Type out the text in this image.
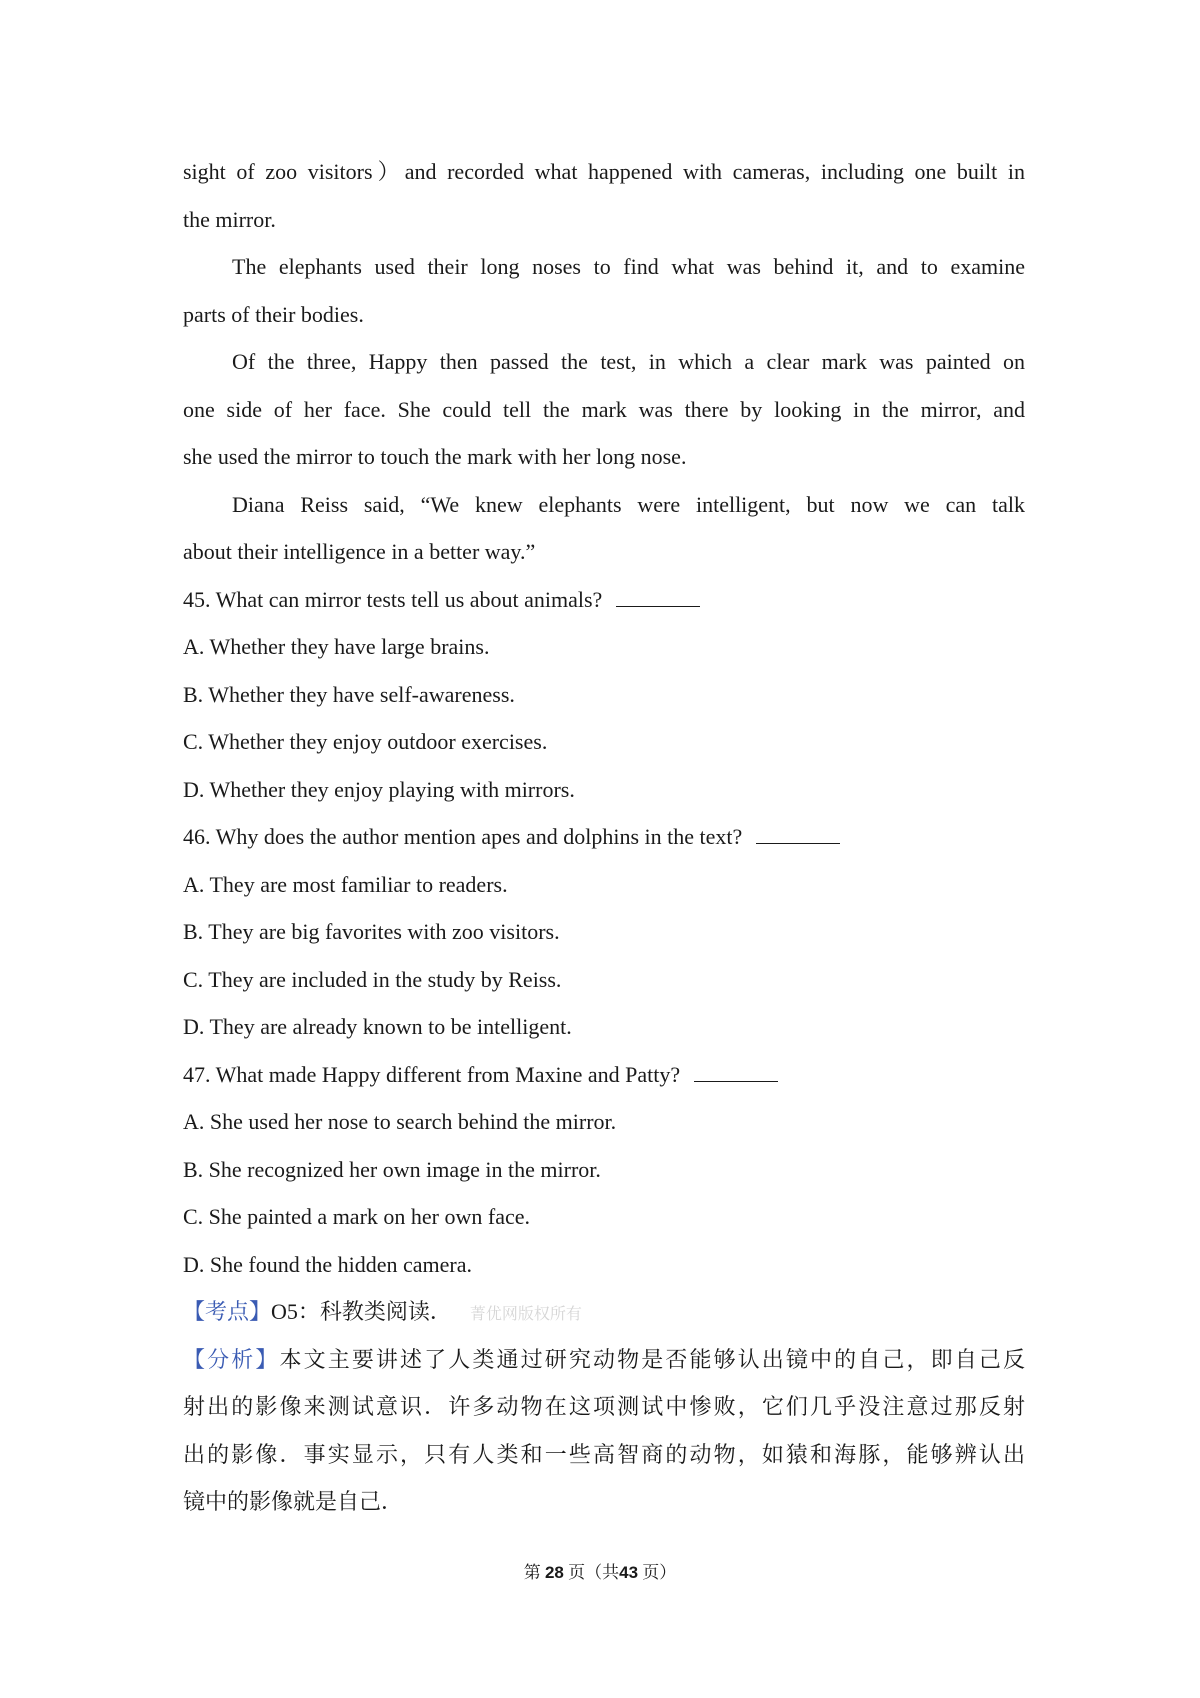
sight of zoo visitors）and recorded what happened with cameras, including one built in
the mirror.
The elephants used their long noses to find what was behind it, and to examine
parts of their bodies.
Of the three, Happy then passed the test, in which a clear mark was painted on
one side of her face. She could tell the mark was there by looking in the mirror, and
she used the mirror to touch the mark with her long nose.
Diana Reiss said, “We knew elephants were intelligent, but now we can talk
about their intelligence in a better way.”
45. What can mirror tests tell us about animals?
A. Whether they have large brains.
B. Whether they have self-awareness.
C. Whether they enjoy outdoor exercises.
D. Whether they enjoy playing with mirrors.
46. Why does the author mention apes and dolphins in the text?
A. They are most familiar to readers.
B. They are big favorites with zoo visitors.
C. They are included in the study by Reiss.
D. They are already known to be intelligent.
47. What made Happy different from Maxine and Patty?
A. She used her nose to search behind the mirror.
B. She recognized her own image in the mirror.
C. She painted a mark on her own face.
D. She found the hidden camera.
【考点】O5：科教类阅读． 菁优网版权所有
【分析】本文主要讲述了人类通过研究动物是否能够认出镜中的自己，即自己反
射出的影像来测试意识．许多动物在这项测试中惨败，它们几乎没注意过那反射
出的影像．事实显示，只有人类和一些高智商的动物，如猿和海豚，能够辨认出
镜中的影像就是自己．
第 28 页（共43 页）
